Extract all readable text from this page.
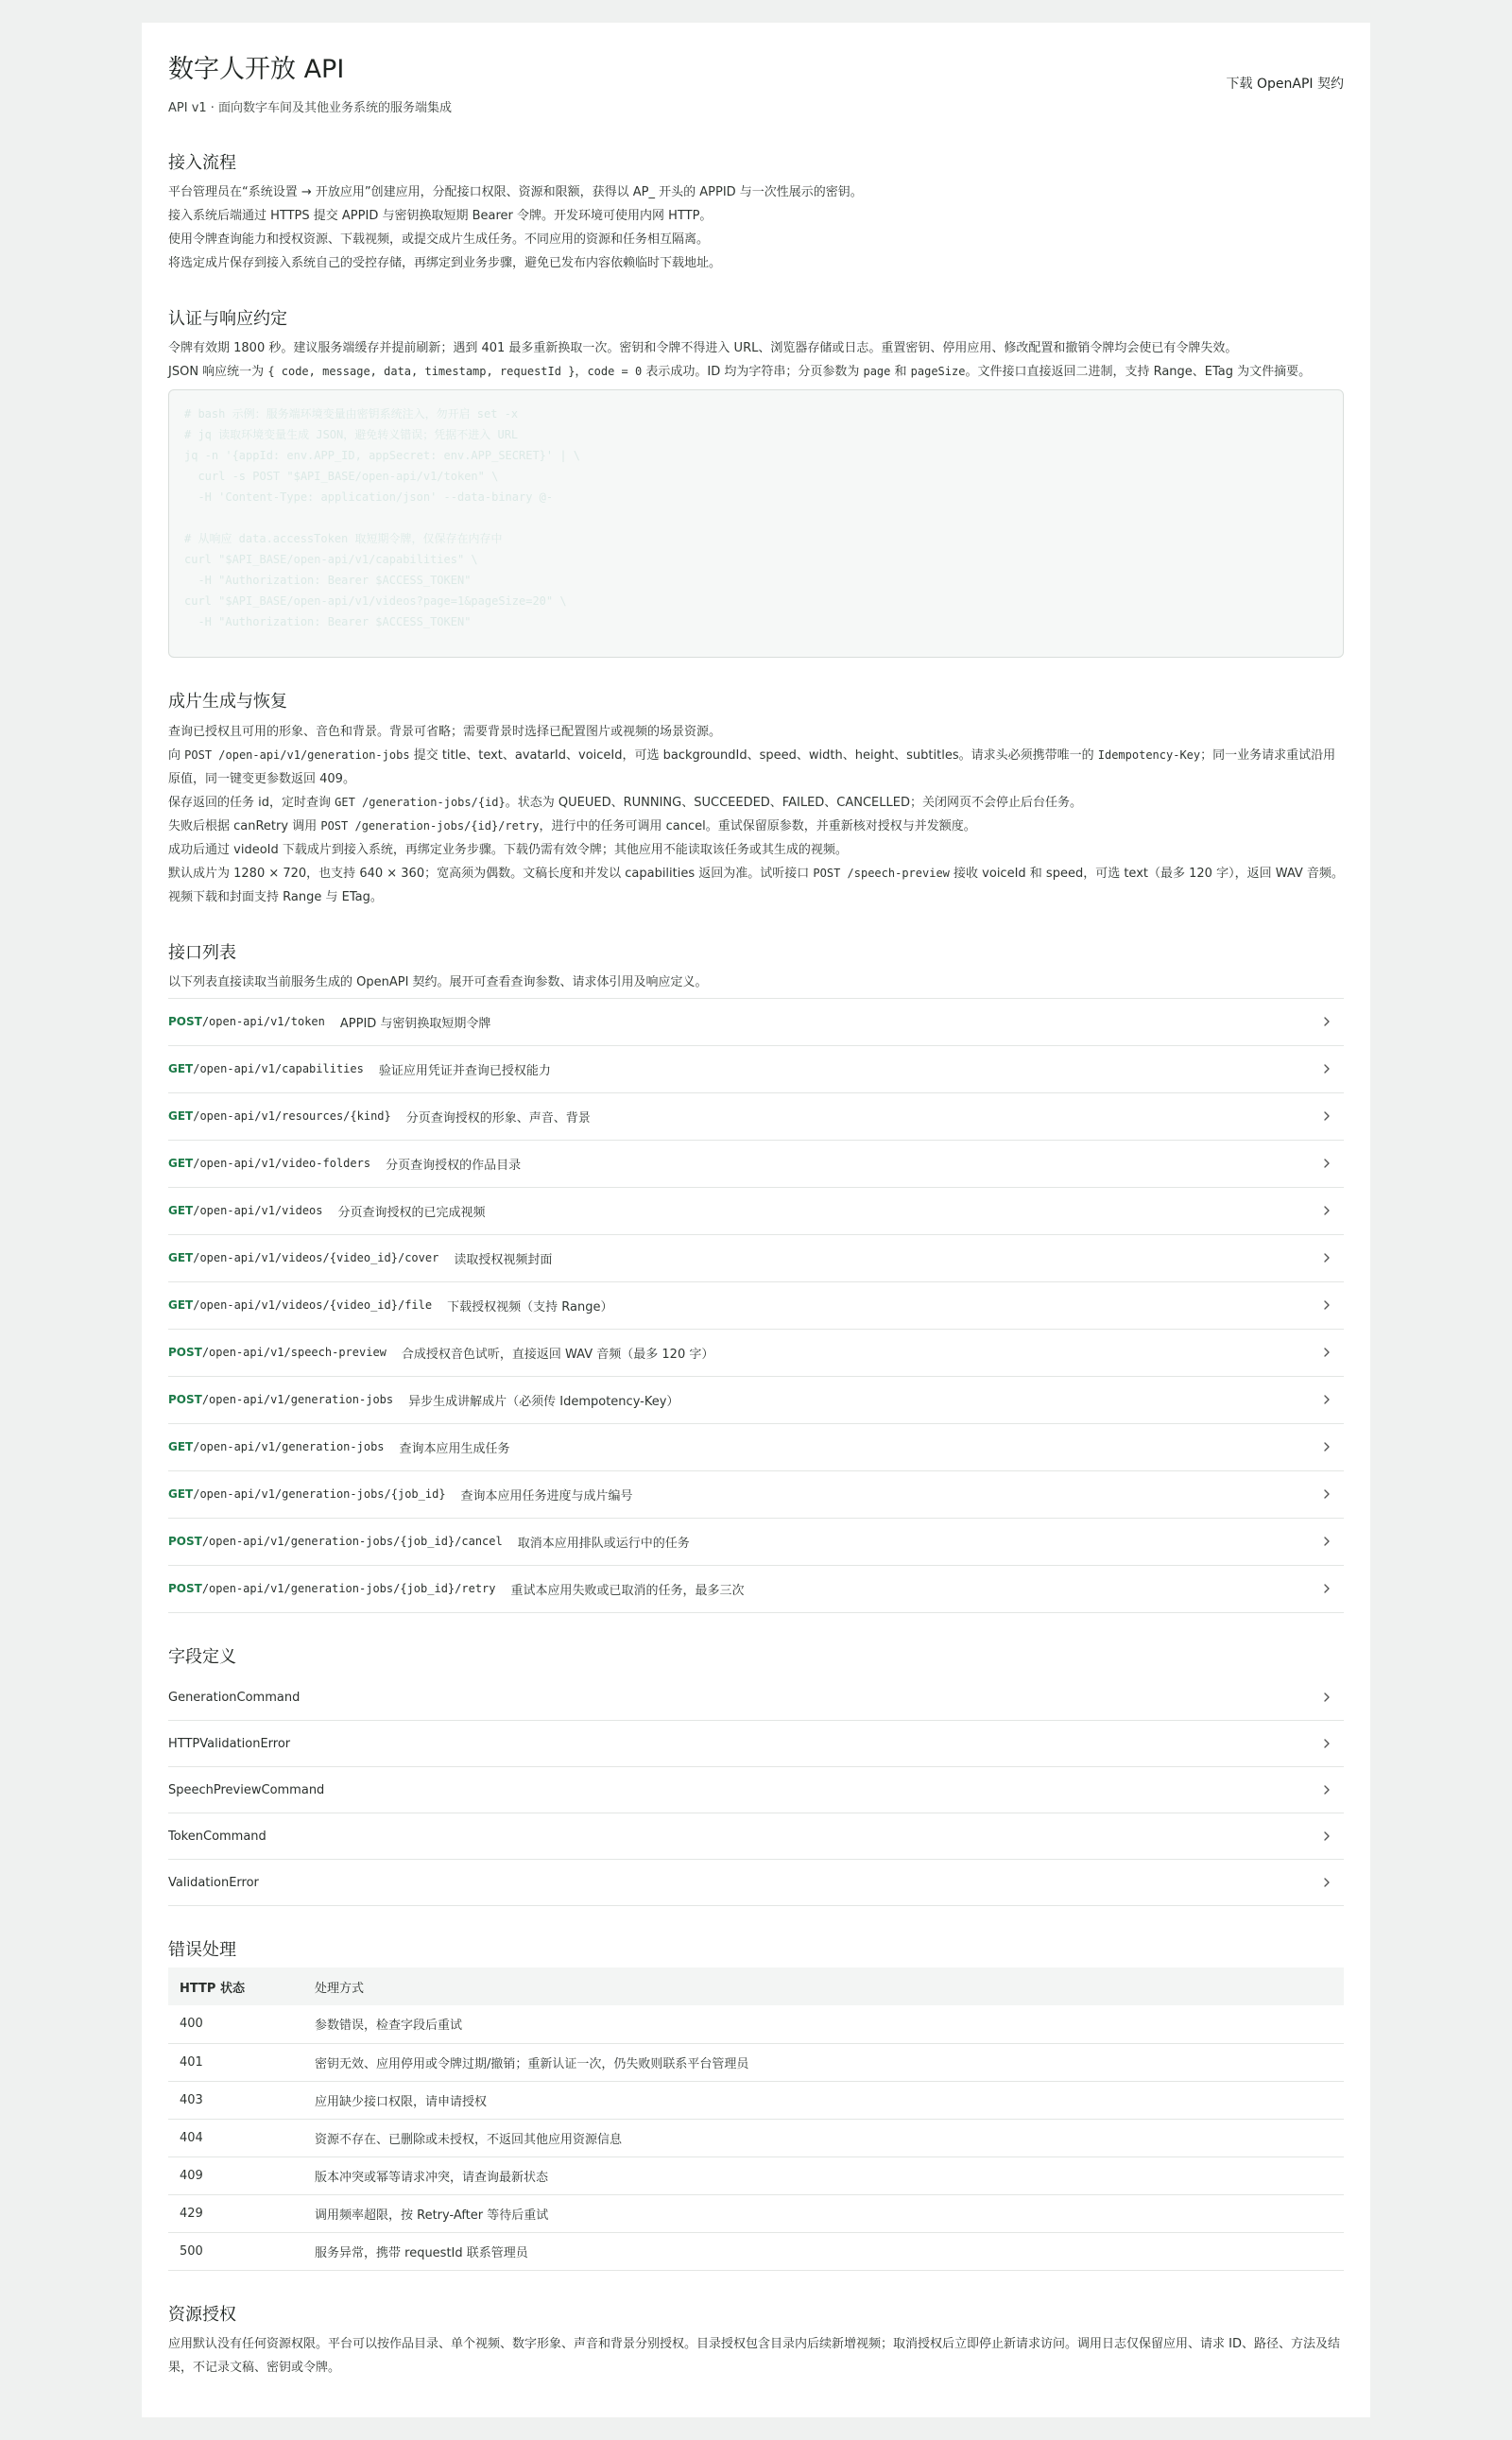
数字人开放 API

API v1 · 面向数字车间及其他业务系统的服务端集成

下载 OpenAPI 契约
接入流程

平台管理员在“系统设置 → 开放应用”创建应用，分配接口权限、资源和限额，获得以 AP_ 开头的 APPID 与一次性展示的密钥。

接入系统后端通过 HTTPS 提交 APPID 与密钥换取短期 Bearer 令牌。开发环境可使用内网 HTTP。

使用令牌查询能力和授权资源、下载视频，或提交成片生成任务。不同应用的资源和任务相互隔离。

将选定成片保存到接入系统自己的受控存储，再绑定到业务步骤，避免已发布内容依赖临时下载地址。

认证与响应约定

令牌有效期 1800 秒。建议服务端缓存并提前刷新；遇到 401 最多重新换取一次。密钥和令牌不得进入 URL、浏览器存储或日志。重置密钥、停用应用、修改配置和撤销令牌均会使已有令牌失效。

JSON 响应统一为 { code, message, data, timestamp, requestId }，code = 0 表示成功。ID 均为字符串；分页参数为 page 和 pageSize。文件接口直接返回二进制，支持 Range、ETag 为文件摘要。

# bash 示例：服务端环境变量由密钥系统注入，勿开启 set -x
# jq 读取环境变量生成 JSON，避免转义错误；凭据不进入 URL
jq -n '{appId: env.APP_ID, appSecret: env.APP_SECRET}' | \
curl -s POST "$API_BASE/open-api/v1/token" \
-H 'Content-Type: application/json' --data-binary @-
# 从响应 data.accessToken 取短期令牌，仅保存在内存中
curl "$API_BASE/open-api/v1/capabilities" \
-H "Authorization: Bearer $ACCESS_TOKEN"
curl "$API_BASE/open-api/v1/videos?page=1&pageSize=20" \
-H "Authorization: Bearer $ACCESS_TOKEN"
成片生成与恢复

查询已授权且可用的形象、音色和背景。背景可省略；需要背景时选择已配置图片或视频的场景资源。

向 POST /open-api/v1/generation-jobs 提交 title、text、avatarId、voiceId，可选 backgroundId、speed、width、height、subtitles。请求头必须携带唯一的 Idempotency-Key；同一业务请求重试沿用原值，同一键变更参数返回 409。

保存返回的任务 id，定时查询 GET /generation-jobs/{id}。状态为 QUEUED、RUNNING、SUCCEEDED、FAILED、CANCELLED；关闭网页不会停止后台任务。

失败后根据 canRetry 调用 POST /generation-jobs/{id}/retry，进行中的任务可调用 cancel。重试保留原参数，并重新核对授权与并发额度。

成功后通过 videoId 下载成片到接入系统，再绑定业务步骤。下载仍需有效令牌；其他应用不能读取该任务或其生成的视频。

默认成片为 1280 × 720，也支持 640 × 360；宽高须为偶数。文稿长度和并发以 capabilities 返回为准。试听接口 POST /speech-preview 接收 voiceId 和 speed，可选 text（最多 120 字），返回 WAV 音频。视频下载和封面支持 Range 与 ETag。

接口列表

以下列表直接读取当前服务生成的 OpenAPI 契约。展开可查看查询参数、请求体引用及响应定义。

POST /open-api/v1/token APPID 与密钥换取短期令牌
GET /open-api/v1/capabilities 验证应用凭证并查询已授权能力
GET /open-api/v1/resources/{kind} 分页查询授权的形象、声音、背景
GET /open-api/v1/video-folders 分页查询授权的作品目录
GET /open-api/v1/videos 分页查询授权的已完成视频
GET /open-api/v1/videos/{video_id}/cover 读取授权视频封面
GET /open-api/v1/videos/{video_id}/file 下载授权视频（支持 Range）
POST /open-api/v1/speech-preview 合成授权音色试听，直接返回 WAV 音频（最多 120 字）
POST /open-api/v1/generation-jobs 异步生成讲解成片（必须传 Idempotency-Key）
GET /open-api/v1/generation-jobs 查询本应用生成任务
GET /open-api/v1/generation-jobs/{job_id} 查询本应用任务进度与成片编号
POST /open-api/v1/generation-jobs/{job_id}/cancel 取消本应用排队或运行中的任务
POST /open-api/v1/generation-jobs/{job_id}/retry 重试本应用失败或已取消的任务，最多三次
字段定义
GenerationCommand
HTTPValidationError
SpeechPreviewCommand
TokenCommand
ValidationError
错误处理
HTTP 状态	处理方式
400	参数错误，检查字段后重试
401	密钥无效、应用停用或令牌过期/撤销；重新认证一次，仍失败则联系平台管理员
403	应用缺少接口权限，请申请授权
404	资源不存在、已删除或未授权，不返回其他应用资源信息
409	版本冲突或幂等请求冲突，请查询最新状态
429	调用频率超限，按 Retry-After 等待后重试
500	服务异常，携带 requestId 联系管理员
资源授权

应用默认没有任何资源权限。平台可以按作品目录、单个视频、数字形象、声音和背景分别授权。目录授权包含目录内后续新增视频；取消授权后立即停止新请求访问。调用日志仅保留应用、请求 ID、路径、方法及结果，不记录文稿、密钥或令牌。
